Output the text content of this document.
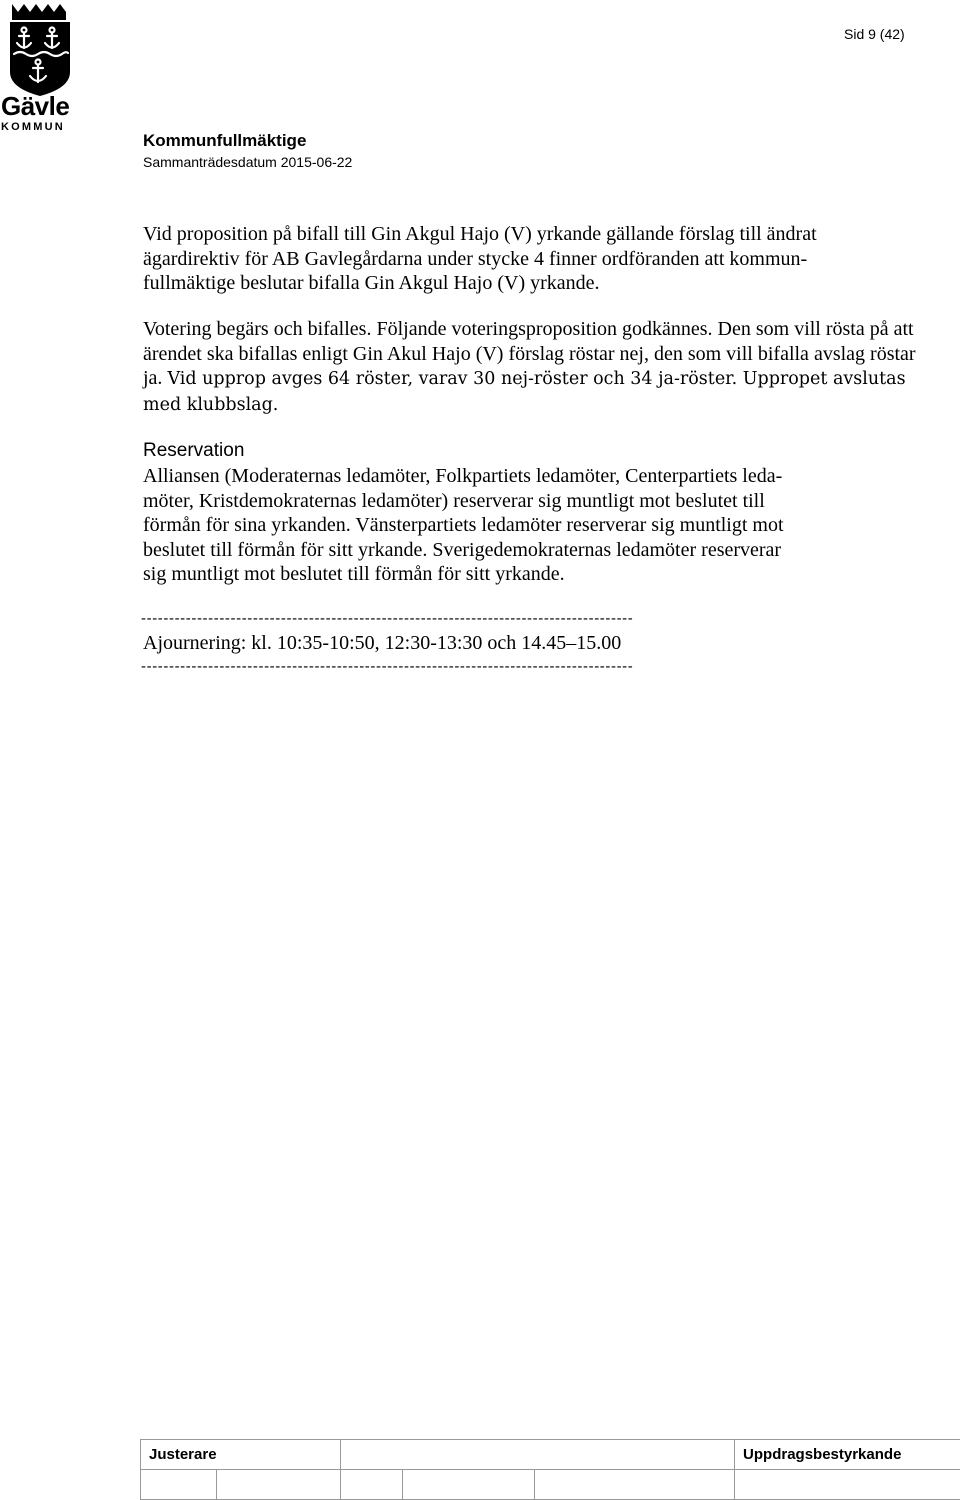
Gävle
KOMMUN
Sid 9 (42)
Kommunfullmäktige
Sammanträdesdatum 2015-06-22
Vid proposition på bifall till Gin Akgul Hajo (V) yrkande gällande förslag till ändrat
ägardirektiv för AB Gavlegårdarna under stycke 4 finner ordföranden att kommun-
fullmäktige beslutar bifalla Gin Akgul Hajo (V) yrkande.
Votering begärs och bifalles. Följande voteringsproposition godkännes. Den som vill rösta på att ärendet ska bifallas enligt Gin Akul Hajo (V) förslag röstar nej, den som vill bifalla avslag röstar ja. Vid upprop avges 64 röster, varav 30 nej-röster och 34 ja-röster. Uppropet avslutas med klubbslag.
Reservation
Alliansen (Moderaternas ledamöter, Folkpartiets ledamöter, Centerpartiets leda-
möter, Kristdemokraternas ledamöter) reserverar sig muntligt mot beslutet till
förmån för sina yrkanden. Vänsterpartiets ledamöter reserverar sig muntligt mot
beslutet till förmån för sitt yrkande. Sverigedemokraternas ledamöter reserverar
sig muntligt mot beslutet till förmån för sitt yrkande.
----------------------------------------------------------------------------------------
Ajournering: kl. 10:35-10:50, 12:30-13:30 och 14.45–15.00
----------------------------------------------------------------------------------------
Justerare					Uppdragsbestyrkande
